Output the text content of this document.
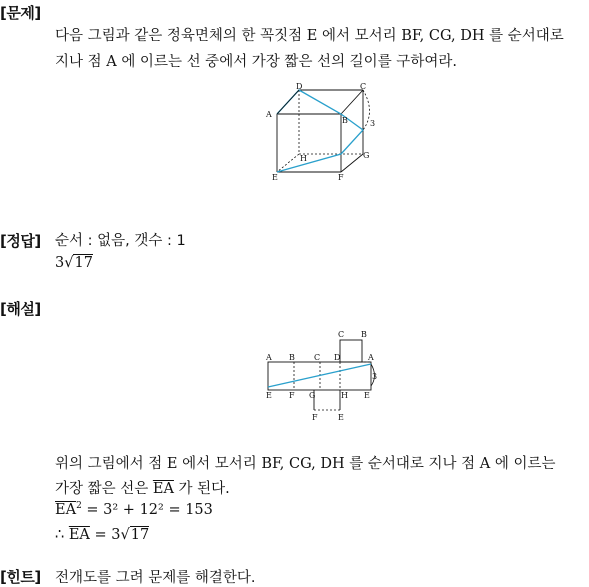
[문제]
다음 그림과 같은 정육면체의 한 꼭짓점 E 에서 모서리 BF, CG, DH 를 순서대로
지나 점 A 에 이르는 선 중에서 가장 짧은 선의 길이를 구하여라.
A
B
C
D
E	F
G
H
3
[정답] 순서 : 없음, 갯수 : 1
3√17
[해설]
C B
A B C D	A
3
E F G	H E
F	E
위의 그림에서 점 E 에서 모서리 BF, CG, DH 를 순서대로 지나 점 A 에 이르는
가장 짧은 선은 $\overline{EA}$ 가 된다.
$\overline{EA}^2 = 3^2 + 12^2 = 153$
∴ $\overline{EA} = 3√17$
[힌트] 전개도를 그려 문제를 해결한다.
